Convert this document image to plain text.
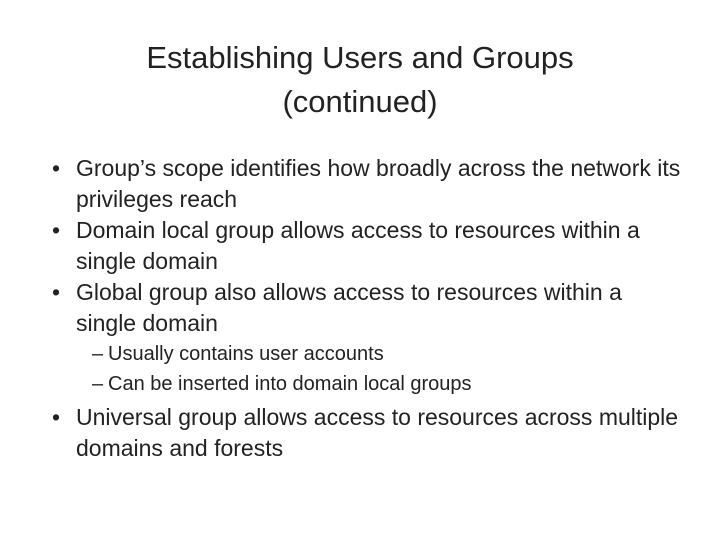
Establishing Users and Groups
(continued)
• Group’s scope identifies how broadly across the network its privileges reach
• Domain local group allows access to resources within a single domain
• Global group also allows access to resources within a single domain
– Usually contains user accounts
– Can be inserted into domain local groups
• Universal group allows access to resources across multiple domains and forests
